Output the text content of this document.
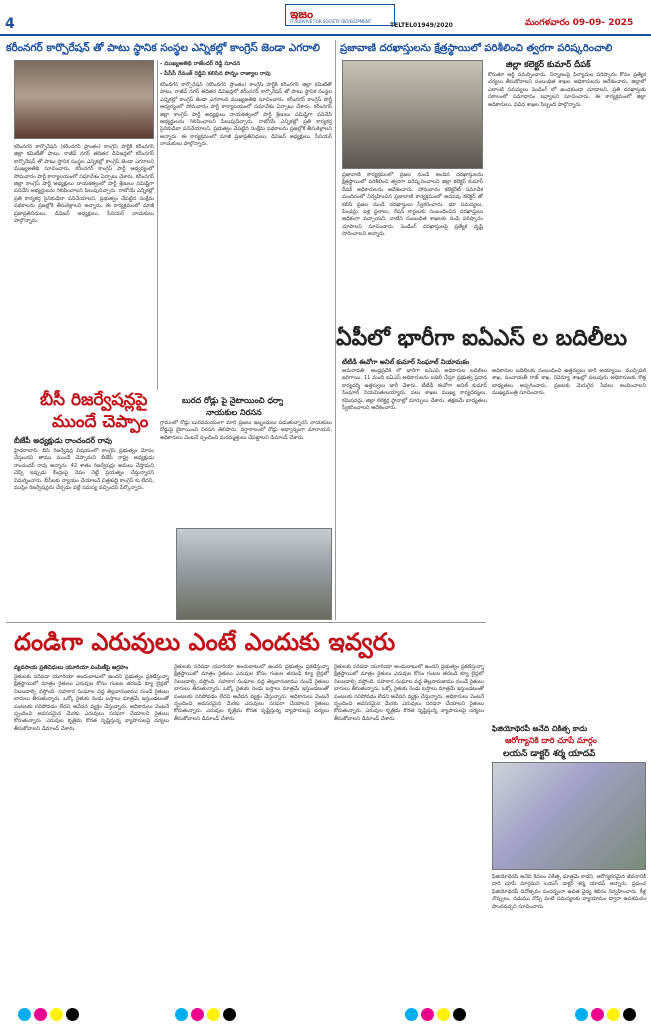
4
ఇజం
IT SURVIVE FOR SOCIETY DEVELOPMENT
TELTEL01949/2020	మంగళవారం 09-09- 2025
కరీంనగర్ కార్పొరేషన్ తో పాటు స్థానిక సంస్థల ఎన్నికల్లో కాంగ్రెస్ జెండా ఎగరాలి
- ముఖ్యఅతిథి రాజేందర్ రెడ్డి సూచన
- పీసీసీ రేవంత్ రెడ్డిని కలిసిన పొన్నం రాజ్యాల రావు
కరీంనగర్ కార్పొరేషన్ (కరీంనగర్ ప్రాంతం) కాంగ్రెస్ పార్టీకి కరీంనగర్ జిల్లా కమిటీతో పాటు, రాజీవ్ నగర్ తదితర డివిజన్లలో కరీంనగర్ కార్పొరేషన్ తో పాటు స్థానిక సంస్థల ఎన్నికల్లో కాంగ్రెస్ జెండా ఎగరాలని ముఖ్యఅతిథి సూచించారు. కరీంనగర్ కాంగ్రెస్ పార్టీ ఆధ్వర్యంలో సోమవారం పార్టీ కార్యాలయంలో సమావేశం ఏర్పాటు చేశారు. కరీంనగర్ జిల్లా కాంగ్రెస్ పార్టీ అధ్యక్షులు నాయకత్వంలో పార్టీ శ్రేణులు సమిష్టిగా పనిచేసి అభ్యర్థులను గెలిపించాలని పిలుపునిచ్చారు. రాబోయే ఎన్నికల్లో ప్రతి కార్యకర్త సైనికుడిలా పనిచేయాలని, ప్రభుత్వం చేపట్టిన సంక్షేమ పథకాలను ప్రజల్లోకి తీసుకెళ్లాలని అన్నారు. ఈ కార్యక్రమంలో మాజీ ప్రజాప్రతినిధులు, డివిజన్ అధ్యక్షులు, సీనియర్ నాయకులు పాల్గొన్నారు.
కరీంనగర్ కార్పొరేషన్ (కరీంనగర్ ప్రాంతం) కాంగ్రెస్ పార్టీకి కరీంనగర్ జిల్లా కమిటీతో పాటు, రాజీవ్ నగర్ తదితర డివిజన్లలో కరీంనగర్ కార్పొరేషన్ తో పాటు స్థానిక సంస్థల ఎన్నికల్లో కాంగ్రెస్ జెండా ఎగరాలని ముఖ్యఅతిథి సూచించారు. కరీంనగర్ కాంగ్రెస్ పార్టీ ఆధ్వర్యంలో సోమవారం పార్టీ కార్యాలయంలో సమావేశం ఏర్పాటు చేశారు. కరీంనగర్ జిల్లా కాంగ్రెస్ పార్టీ అధ్యక్షులు నాయకత్వంలో పార్టీ శ్రేణులు సమిష్టిగా పనిచేసి అభ్యర్థులను గెలిపించాలని పిలుపునిచ్చారు. రాబోయే ఎన్నికల్లో ప్రతి కార్యకర్త సైనికుడిలా పనిచేయాలని, ప్రభుత్వం చేపట్టిన సంక్షేమ పథకాలను ప్రజల్లోకి తీసుకెళ్లాలని అన్నారు. ఈ కార్యక్రమంలో మాజీ ప్రజాప్రతినిధులు, డివిజన్ అధ్యక్షులు, సీనియర్ నాయకులు పాల్గొన్నారు.
బీసీ రిజర్వేషన్లపై
ముందే చెప్పాం
బీజేపీ అధ్యక్షుడు రాంచందర్ రావు
హైదరాబాద్: బీసీ రిజర్వేషన్ల విషయంలో కాంగ్రెస్ ప్రభుత్వం మోసం చేస్తుందని తాము ముందే చెప్పామని బీజేపీ రాష్ట్ర అధ్యక్షుడు రాంచందర్ రావు అన్నారు. 42 శాతం రిజర్వేషన్లు అమలు చేస్తామని చెప్పి ఇప్పుడు కేంద్రంపై నెపం నెట్టే ప్రయత్నం చేస్తున్నారని విమర్శించారు. బీసీలకు న్యాయం చేయాలనే చిత్తశుద్ధి కాంగ్రెస్ కు లేదని, ముస్లిం రిజర్వేషన్లను చేర్చడం వల్లే సమస్య వచ్చిందని పేర్కొన్నారు.
బురద రోడ్లు పై నైటాయించి ధర్నా
నాయకుల నిరసన
గ్రామంలో రోడ్లు బురదమయంగా మారి ప్రజలు ఇబ్బందులు పడుతున్నారని నాయకులు రోడ్డుపై బైఠాయించి నిరసన తెలిపారు. వర్షాకాలంలో రోడ్లు అధ్వాన్నంగా మారాయని, అధికారులు వెంటనే స్పందించి మరమ్మత్తులు చేపట్టాలని డిమాండ్ చేశారు.
ప్రజావాణి దరఖాస్తులను క్షేత్రస్థాయిలో పరిశీలించి త్వరగా పరిష్కరించాలి
జిల్లా కలెక్టర్ కుమార్ దీపక్
ప్రజావాణి కార్యక్రమంలో ప్రజల నుండి అందిన దరఖాస్తులను క్షేత్రస్థాయిలో పరిశీలించి త్వరగా పరిష్కరించాలని జిల్లా కలెక్టర్ కుమార్ దీపక్ అధికారులను ఆదేశించారు. సోమవారం కలెక్టరేట్ సమావేశ మందిరంలో నిర్వహించిన ప్రజావాణి కార్యక్రమంలో అదనపు కలెక్టర్ తో కలిసి ప్రజల నుండి దరఖాస్తులు స్వీకరించారు. భూ సమస్యలు, పింఛన్లు, ఇళ్ల స్థలాలు, రేషన్ కార్డులకు సంబంధించిన దరఖాస్తులు అధికంగా వచ్చాయని, వాటిని సంబంధిత శాఖలకు పంపి పరిష్కారం చూపాలని సూచించారు. పెండింగ్ దరఖాస్తులపై ప్రత్యేక దృష్టి సారించాలని అన్నారు.
కోరుతూ ఆర్జీ సమర్పించారు. నిర్మాణంపై ఫిర్యాదుల పరిష్కారం కోసం ప్రత్యేక చర్యలు తీసుకోవాలని సంబంధిత శాఖల అధికారులను ఆదేశించారు. జిల్లాలో ఎలాంటి సమస్యలు పెండింగ్ లో ఉండకుండా చూడాలని, ప్రతి దరఖాస్తుకు సకాలంలో సమాధానం ఇవ్వాలని సూచించారు. ఈ కార్యక్రమంలో జిల్లా అధికారులు, వివిధ శాఖల సిబ్బంది పాల్గొన్నారు.
ఏపీలో భారీగా ఐఏఎస్ ల బదిలీలు
టీటీడీ ఈవోగా అనిల్ కుమార్ సింఘాల్ నియామకం
అమరావతి: ఆంధ్రప్రదేశ్ లో భారీగా ఐఏఎస్ అధికారుల బదిలీలు జరిగాయి. 11 మంది ఐఏఎస్ అధికారులను బదిలీ చేస్తూ ప్రభుత్వ ప్రధాన కార్యదర్శి ఉత్తర్వులు జారీ చేశారు. టీటీడీ ఈవోగా అనిల్ కుమార్ సింఘాల్ నియమితులయ్యారు. పలు శాఖల ముఖ్య కార్యదర్శులు, కమిషనర్లు, జిల్లా కలెక్టర్ల స్థానాల్లో మార్పులు చేశారు. తక్షణమే బాధ్యతలు స్వీకరించాలని ఆదేశించారు.
అధికారుల బదిలీలకు సంబంధించి ఉత్తర్వులు జారీ అయ్యాయి. మున్సిపల్ శాఖ, పంచాయతీ రాజ్ శాఖ, రెవెన్యూ శాఖల్లో పలువురు అధికారులకు కొత్త బాధ్యతలు అప్పగించారు. ప్రజలకు మెరుగైన సేవలు అందించాలని ముఖ్యమంత్రి సూచించారు.
దండిగా ఎరువులు ఎంటే ఎందుకు ఇవ్వరు
వ్యవసాయ ప్రతినిధులు యూరియా పంపిణీపై ఆగ్రహం
రైతులకు సరిపడా యూరియా అందుబాటులో ఉందని ప్రభుత్వం ప్రకటిస్తున్నా క్షేత్రస్థాయిలో మాత్రం రైతులు ఎరువుల కోసం గంటల తరబడి క్యూ లైన్లలో నిలబడాల్సి వస్తోంది. సహకార సంఘాల వద్ద తెల్లవారుజాము నుండే రైతులు బారులు తీరుతున్నారు. ఒక్కో రైతుకు రెండు బస్తాలు మాత్రమే ఇస్తుండటంతో పంటలకు సరిపోవడం లేదని ఆవేదన వ్యక్తం చేస్తున్నారు. అధికారులు వెంటనే స్పందించి అవసరమైన మేరకు ఎరువులు సరఫరా చేయాలని రైతులు కోరుతున్నారు. ఎరువుల కృత్రిమ కొరత సృష్టిస్తున్న వ్యాపారులపై చర్యలు తీసుకోవాలని డిమాండ్ చేశారు.
రైతులకు సరిపడా యూరియా అందుబాటులో ఉందని ప్రభుత్వం ప్రకటిస్తున్నా క్షేత్రస్థాయిలో మాత్రం రైతులు ఎరువుల కోసం గంటల తరబడి క్యూ లైన్లలో నిలబడాల్సి వస్తోంది. సహకార సంఘాల వద్ద తెల్లవారుజాము నుండే రైతులు బారులు తీరుతున్నారు. ఒక్కో రైతుకు రెండు బస్తాలు మాత్రమే ఇస్తుండటంతో పంటలకు సరిపోవడం లేదని ఆవేదన వ్యక్తం చేస్తున్నారు. అధికారులు వెంటనే స్పందించి అవసరమైన మేరకు ఎరువులు సరఫరా చేయాలని రైతులు కోరుతున్నారు. ఎరువుల కృత్రిమ కొరత సృష్టిస్తున్న వ్యాపారులపై చర్యలు తీసుకోవాలని డిమాండ్ చేశారు.
రైతులకు సరిపడా యూరియా అందుబాటులో ఉందని ప్రభుత్వం ప్రకటిస్తున్నా క్షేత్రస్థాయిలో మాత్రం రైతులు ఎరువుల కోసం గంటల తరబడి క్యూ లైన్లలో నిలబడాల్సి వస్తోంది. సహకార సంఘాల వద్ద తెల్లవారుజాము నుండే రైతులు బారులు తీరుతున్నారు. ఒక్కో రైతుకు రెండు బస్తాలు మాత్రమే ఇస్తుండటంతో పంటలకు సరిపోవడం లేదని ఆవేదన వ్యక్తం చేస్తున్నారు. అధికారులు వెంటనే స్పందించి అవసరమైన మేరకు ఎరువులు సరఫరా చేయాలని రైతులు కోరుతున్నారు. ఎరువుల కృత్రిమ కొరత సృష్టిస్తున్న వ్యాపారులపై చర్యలు తీసుకోవాలని డిమాండ్ చేశారు.
ఫిజియోథెరపీ అనేది చికిత్స కాదు
ఆరోగ్యానికి దారి చూపే మార్గం
లయన్ డాక్టర్ శర్మ యాదవ్
ఫిజియోథెరపీ అనేది కేవలం చికిత్స మాత్రమే కాదని, ఆరోగ్యకరమైన జీవనానికి దారి చూపే మార్గమని లయన్ డాక్టర్ శర్మ యాదవ్ అన్నారు. ప్రపంచ ఫిజియోథెరపీ దినోత్సవం సందర్భంగా ఉచిత వైద్య శిబిరం నిర్వహించారు. కీళ్ల నొప్పులు, నడుము నొప్పి వంటి సమస్యలకు వ్యాయామం ద్వారా ఉపశమనం పొందవచ్చని సూచించారు.
